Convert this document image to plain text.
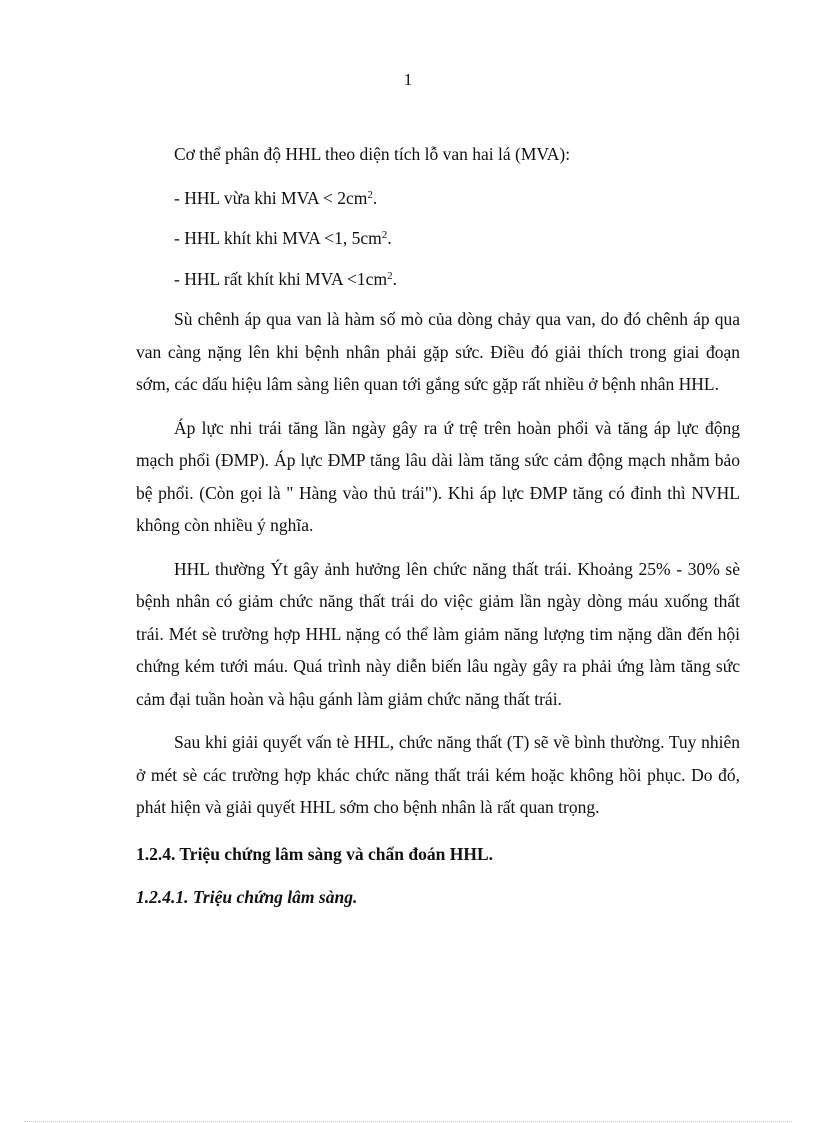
1

Cơ thể phân độ HHL theo diện tích lỗ van hai lá (MVA):

- HHL vừa khi MVA < $2cm^2$.

- HHL khít khi MVA <1, $5cm^2$.

- HHL rất khít khi MVA $<1cm^2$.

Sù chênh áp qua van là hàm số mò của dòng chảy qua van, do đó chênh áp qua van càng nặng lên khi bệnh nhân phải gặp sức. Điều đó giải thích trong giai đoạn sớm, các dấu hiệu lâm sàng liên quan tới gắng sức gặp rất nhiều ở bệnh nhân HHL.

Áp lực nhi trái tăng lần ngày gây ra ứ trệ trên hoàn phổi và tăng áp lực động mạch phổi (ĐMP). Áp lực ĐMP tăng lâu dài làm tăng sức cảm động mạch nhằm bảo bệ phổi. (Còn gọi là " Hàng vào thủ trái"). Khi áp lực ĐMP tăng có đỉnh thì NVHL không còn nhiều ý nghĩa.

HHL thường Ýt gây ảnh hưởng lên chức năng thất trái. Khoảng 25% - 30% sè bệnh nhân có giảm chức năng thất trái do việc giảm lần ngày dòng máu xuống thất trái. Mét sè trường hợp HHL nặng có thể làm giảm năng lượng tim nặng dần đến hội chứng kém tưới máu. Quá trình này diễn biến lâu ngày gây ra phải ứng làm tăng sức cảm đại tuần hoàn và hậu gánh làm giảm chức năng thất trái.

Sau khi giải quyết vấn tè HHL, chức năng thất (T) sẽ về bình thường. Tuy nhiên ở mét sè các trường hợp khác chức năng thất trái kém hoặc không hồi phục. Do đó, phát hiện và giải quyết HHL sớm cho bệnh nhân là rất quan trọng.

1.2.4. Triệu chứng lâm sàng và chẩn đoán HHL.

1.2.4.1. Triệu chứng lâm sàng.
